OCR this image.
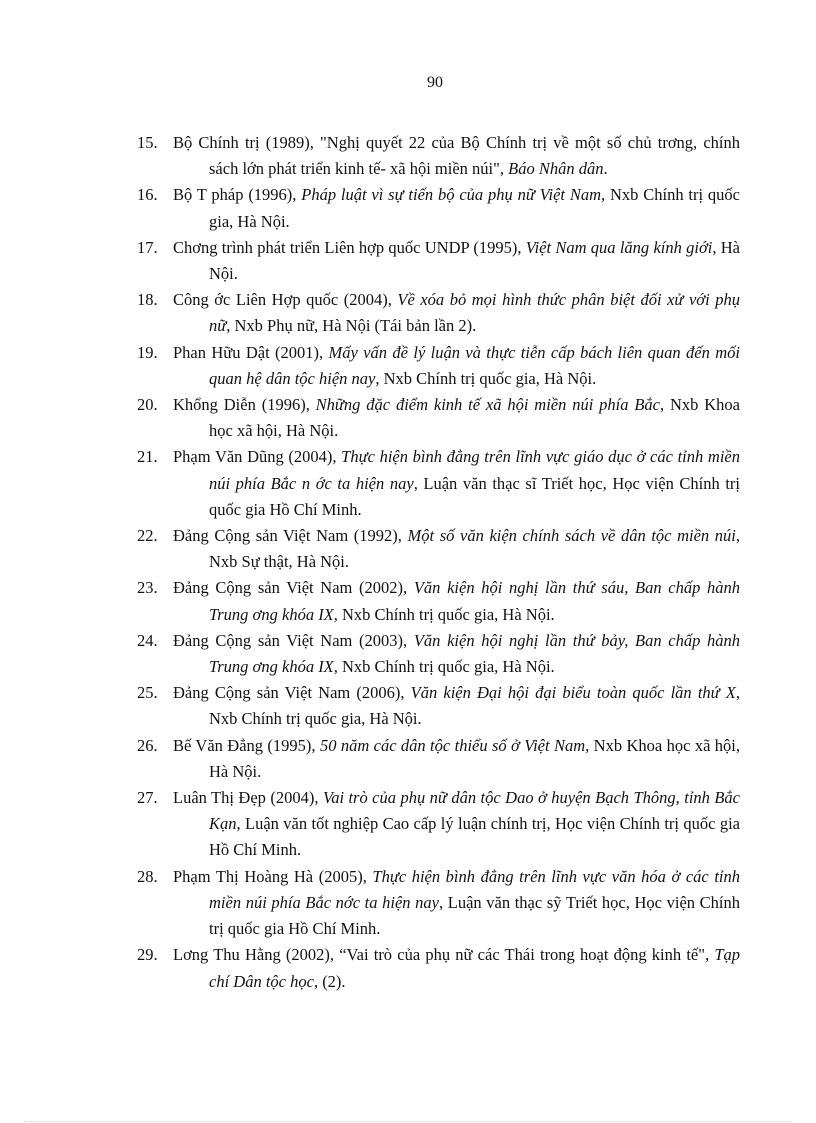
90
15. Bộ Chính trị (1989), "Nghị quyết 22 của Bộ Chính trị về một số chủ trơng, chính sách lớn phát triển kinh tế- xã hội miền núi", Báo Nhân dân.
16. Bộ T pháp (1996), Pháp luật vì sự tiến bộ của phụ nữ Việt Nam, Nxb Chính trị quốc gia, Hà Nội.
17. Chơng trình phát triển Liên hợp quốc UNDP (1995), Việt Nam qua lăng kính giới, Hà Nội.
18. Công ớc Liên Hợp quốc (2004), Về xóa bỏ mọi hình thức phân biệt đối xử với phụ nữ, Nxb Phụ nữ, Hà Nội (Tái bản lần 2).
19. Phan Hữu Dật (2001), Mấy vấn đề lý luận và thực tiễn cấp bách liên quan đến mối quan hệ dân tộc hiện nay, Nxb Chính trị quốc gia, Hà Nội.
20. Khổng Diễn (1996), Những đặc điểm kinh tế xã hội miền núi phía Bắc, Nxb Khoa học xã hội, Hà Nội.
21. Phạm Văn Dũng (2004), Thực hiện bình đẳng trên lĩnh vực giáo dục ở các tỉnh miền núi phía Bắc n ớc ta hiện nay, Luận văn thạc sĩ Triết học, Học viện Chính trị quốc gia Hồ Chí Minh.
22. Đảng Cộng sản Việt Nam (1992), Một số văn kiện chính sách về dân tộc miền núi, Nxb Sự thật, Hà Nội.
23. Đảng Cộng sản Việt Nam (2002), Văn kiện hội nghị lần thứ sáu, Ban chấp hành Trung ơng khóa IX, Nxb Chính trị quốc gia, Hà Nội.
24. Đảng Cộng sản Việt Nam (2003), Văn kiện hội nghị lần thứ bảy, Ban chấp hành Trung ơng khóa IX, Nxb Chính trị quốc gia, Hà Nội.
25. Đảng Cộng sản Việt Nam (2006), Văn kiện Đại hội đại biểu toàn quốc lần thứ X, Nxb Chính trị quốc gia, Hà Nội.
26. Bế Văn Đẳng (1995), 50 năm các dân tộc thiểu số ở Việt Nam, Nxb Khoa học xã hội, Hà Nội.
27. Luân Thị Đẹp (2004), Vai trò của phụ nữ dân tộc Dao ở huyện Bạch Thông, tỉnh Bắc Kạn, Luận văn tốt nghiệp Cao cấp lý luận chính trị, Học viện Chính trị quốc gia Hồ Chí Minh.
28. Phạm Thị Hoàng Hà (2005), Thực hiện bình đẳng trên lĩnh vực văn hóa ở các tỉnh miền núi phía Bắc nớc ta hiện nay, Luận văn thạc sỹ Triết học, Học viện Chính trị quốc gia Hồ Chí Minh.
29. Lơng Thu Hằng (2002), “Vai trò của phụ nữ các Thái trong hoạt động kinh tế", Tạp chí Dân tộc học, (2).
